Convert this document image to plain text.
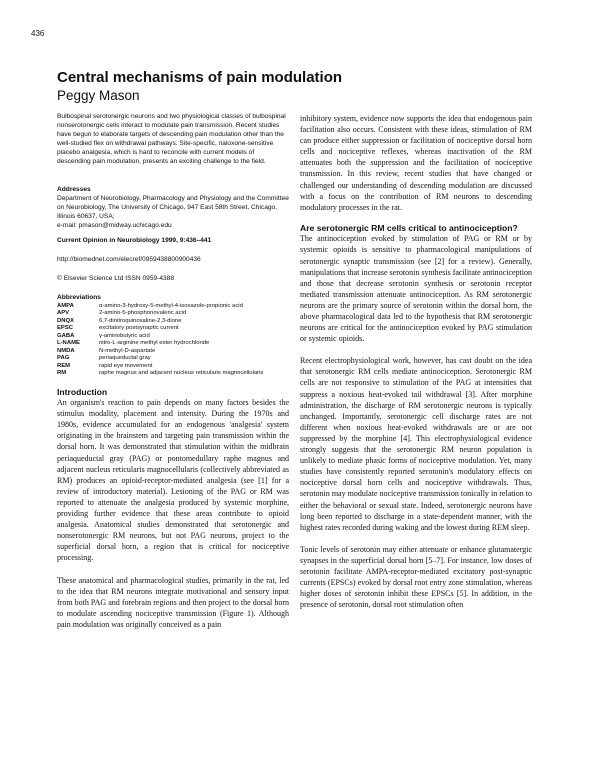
436
Central mechanisms of pain modulation
Peggy Mason

Bulbospinal serotonergic neurons and two physiological classes of bulbospinal nonserotonergic cells interact to modulate pain transmission. Recent studies have begun to elaborate targets of descending pain modulation other than the well-studied flex on withdrawal pathways. Site-specific, naloxone-sensitive placebo analgesia, which is hard to reconcile with current models of descending pain modulation, presents an exciting challenge to the field.

Addresses

Department of Neurobiology, Pharmacology and Physiology and the Committee on Neurobiology, The University of Chicago, 947 East 58th Street, Chicago, Illinois 60637, USA;

e-mail: pmason@midway.uchicago.edu

Current Opinion in Neurobiology 1999, 9:436–441

http://biomednet.com/elecref/0959438800900436

© Elsevier Science Ltd ISSN 0959-4388

Abbreviations

AMPA	α-amino-3-hydroxy-5-methyl-4-isoxazole-propionic acid
APV	2-amino-5-phosphonovaleric acid
DNQX	6,7-dinitroquinoxaline-2,3-dione
EPSC	excitatory postsynaptic current
GABA	γ-aminobutyric acid
L-NAME	nitro-L-arginine methyl ester hydrochloride
NMDA	N-methyl-D-aspartate
PAG	periaqueductal gray
REM	rapid eye movement
RM	raphe magnus and adjacent nucleus reticularis magnocellularis

Introduction

An organism's reaction to pain depends on many factors besides the stimulus modality, placement and intensity. During the 1970s and 1980s, evidence accumulated for an endogenous 'analgesia' system originating in the brainstem and targeting pain transmission within the dorsal horn. It was demonstrated that stimulation within the midbrain periaqueductal gray (PAG) or pontomedullary raphe magnus and adjacent nucleus reticularis magnocellularis (collectively abbreviated as RM) produces an opioid-receptor-mediated analgesia (see [1] for a review of introductory material). Lesioning of the PAG or RM was reported to attenuate the analgesia produced by systemic morphine, providing further evidence that these areas contribute to opioid analgesia. Anatomical studies demonstrated that serotonergic and nonserotonergic RM neurons, but not PAG neurons, project to the superficial dorsal horn, a region that is critical for nociceptive processing.

These anatomical and pharmacological studies, primarily in the rat, led to the idea that RM neurons integrate motivational and sensory input from both PAG and forebrain regions and then project to the dorsal horn to modulate ascending nociceptive transmission (Figure 1). Although pain modulation was originally conceived as a pain

inhibitory system, evidence now supports the idea that endogenous pain facilitation also occurs. Consistent with these ideas, stimulation of RM can produce either suppression or facilitation of nociceptive dorsal horn cells and nociceptive reflexes, whereas inactivation of the RM attenuates both the suppression and the facilitation of nociceptive transmission. In this review, recent studies that have changed or challenged our understanding of descending modulation are discussed with a focus on the contribution of RM neurons to descending modulatory processes in the rat.

Are serotonergic RM cells critical to antinociception?

The antinociception evoked by stimulation of PAG or RM or by systemic opioids is sensitive to pharmacological manipulations of serotonergic synaptic transmission (see [2] for a review). Generally, manipulations that increase serotonin synthesis facilitate antinociception and those that decrease serotonin synthesis or serotonin receptor mediated transmission attenuate antinociception. As RM serotonergic neurons are the primary source of serotonin within the dorsal horn, the above pharmacological data led to the hypothesis that RM serotonergic neurons are critical for the antinociception evoked by PAG stimulation or systemic opioids.

Recent electrophysiological work, however, has cast doubt on the idea that serotonergic RM cells mediate antinociception. Serotonergic RM cells are not responsive to stimulation of the PAG at intensities that suppress a noxious heat-evoked tail withdrawal [3]. After morphine administration, the discharge of RM serotonergic neurons is typically unchanged. Importantly, serotonergic cell discharge rates are not different when noxious heat-evoked withdrawals are or are not suppressed by the morphine [4]. This electrophysiological evidence strongly suggests that the serotonergic RM neuron population is unlikely to mediate phasic forms of nociceptive modulation. Yet, many studies have consistently reported serotonin's modulatory effects on nociceptive dorsal horn cells and nociceptive withdrawals. Thus, serotonin may modulate nociceptive transmission tonically in relation to either the behavioral or sexual state. Indeed, serotonergic neurons have long been reported to discharge in a state-dependent manner, with the highest rates recorded during waking and the lowest during REM sleep.

Tonic levels of serotonin may either attenuate or enhance glutamatergic synapses in the superficial dorsal horn [5–7]. For instance, low doses of serotonin facilitate AMPA-receptor-mediated excitatory post-synaptic currents (EPSCs) evoked by dorsal root entry zone stimulation, whereas higher doses of serotonin inhibit these EPSCs [5]. In addition, in the presence of serotonin, dorsal root stimulation often
